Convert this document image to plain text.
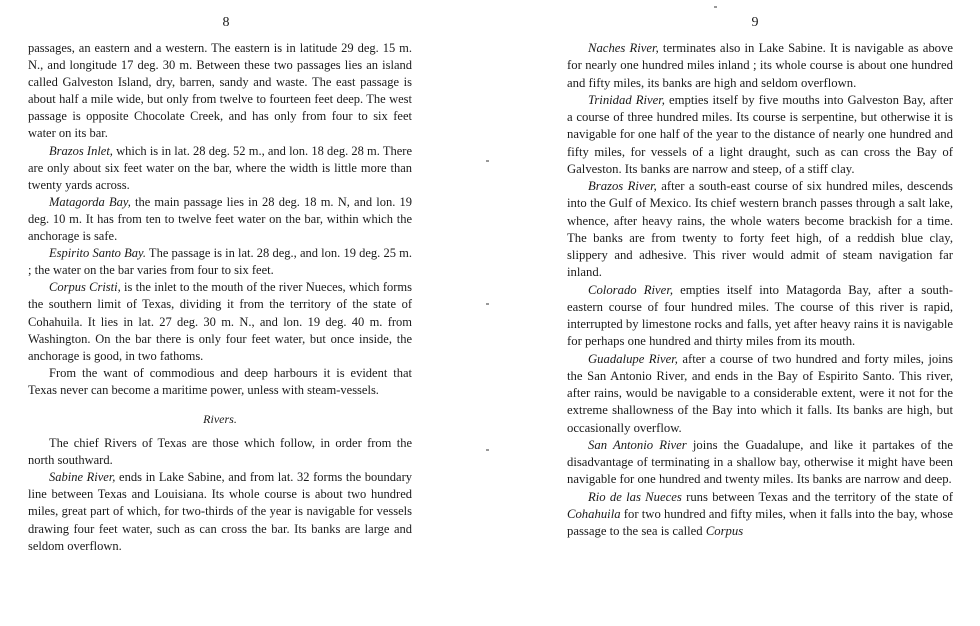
8

passages, an eastern and a western. The eastern is in latitude 29 deg. 15 m. N., and longitude 17 deg. 30 m. Between these two passages lies an island called Galveston Island, dry, barren, sandy and waste. The east passage is about half a mile wide, but only from twelve to fourteen feet deep. The west passage is opposite Chocolate Creek, and has only from four to six feet water on its bar.

Brazos Inlet, which is in lat. 28 deg. 52 m., and lon. 18 deg. 28 m. There are only about six feet water on the bar, where the width is little more than twenty yards across.

Matagorda Bay, the main passage lies in 28 deg. 18 m. N, and lon. 19 deg. 10 m. It has from ten to twelve feet water on the bar, within which the anchorage is safe.

Espirito Santo Bay. The passage is in lat. 28 deg., and lon. 19 deg. 25 m. ; the water on the bar varies from four to six feet.

Corpus Cristi, is the inlet to the mouth of the river Nueces, which forms the southern limit of Texas, dividing it from the territory of the state of Cohahuila. It lies in lat. 27 deg. 30 m. N., and lon. 19 deg. 40 m. from Washington. On the bar there is only four feet water, but once inside, the anchorage is good, in two fathoms.

From the want of commodious and deep harbours it is evident that Texas never can become a maritime power, unless with steam-vessels.

Rivers.

The chief Rivers of Texas are those which follow, in order from the north southward.

Sabine River, ends in Lake Sabine, and from lat. 32 forms the boundary line between Texas and Louisiana. Its whole course is about two hundred miles, great part of which, for two-thirds of the year is navigable for vessels drawing four feet water, such as can cross the bar. Its banks are large and seldom overflown.

9

Naches River, terminates also in Lake Sabine. It is navigable as above for nearly one hundred miles inland ; its whole course is about one hundred and fifty miles, its banks are high and seldom overflown.

Trinidad River, empties itself by five mouths into Galveston Bay, after a course of three hundred miles. Its course is serpentine, but otherwise it is navigable for one half of the year to the distance of nearly one hundred and fifty miles, for vessels of a light draught, such as can cross the Bay of Galveston. Its banks are narrow and steep, of a stiff clay.

Brazos River, after a south-east course of six hundred miles, descends into the Gulf of Mexico. Its chief western branch passes through a salt lake, whence, after heavy rains, the whole waters become brackish for a time. The banks are from twenty to forty feet high, of a reddish blue clay, slippery and adhesive. This river would admit of steam navigation far inland.

Colorado River, empties itself into Matagorda Bay, after a south-eastern course of four hundred miles. The course of this river is rapid, interrupted by limestone rocks and falls, yet after heavy rains it is navigable for perhaps one hundred and thirty miles from its mouth.

Guadalupe River, after a course of two hundred and forty miles, joins the San Antonio River, and ends in the Bay of Espirito Santo. This river, after rains, would be navigable to a considerable extent, were it not for the extreme shallowness of the Bay into which it falls. Its banks are high, but occasionally overflow.

San Antonio River joins the Guadalupe, and like it partakes of the disadvantage of terminating in a shallow bay, otherwise it might have been navigable for one hundred and twenty miles. Its banks are narrow and deep.

Rio de las Nueces runs between Texas and the territory of the state of Cohahuila for two hundred and fifty miles, when it falls into the bay, whose passage to the sea is called Corpus
